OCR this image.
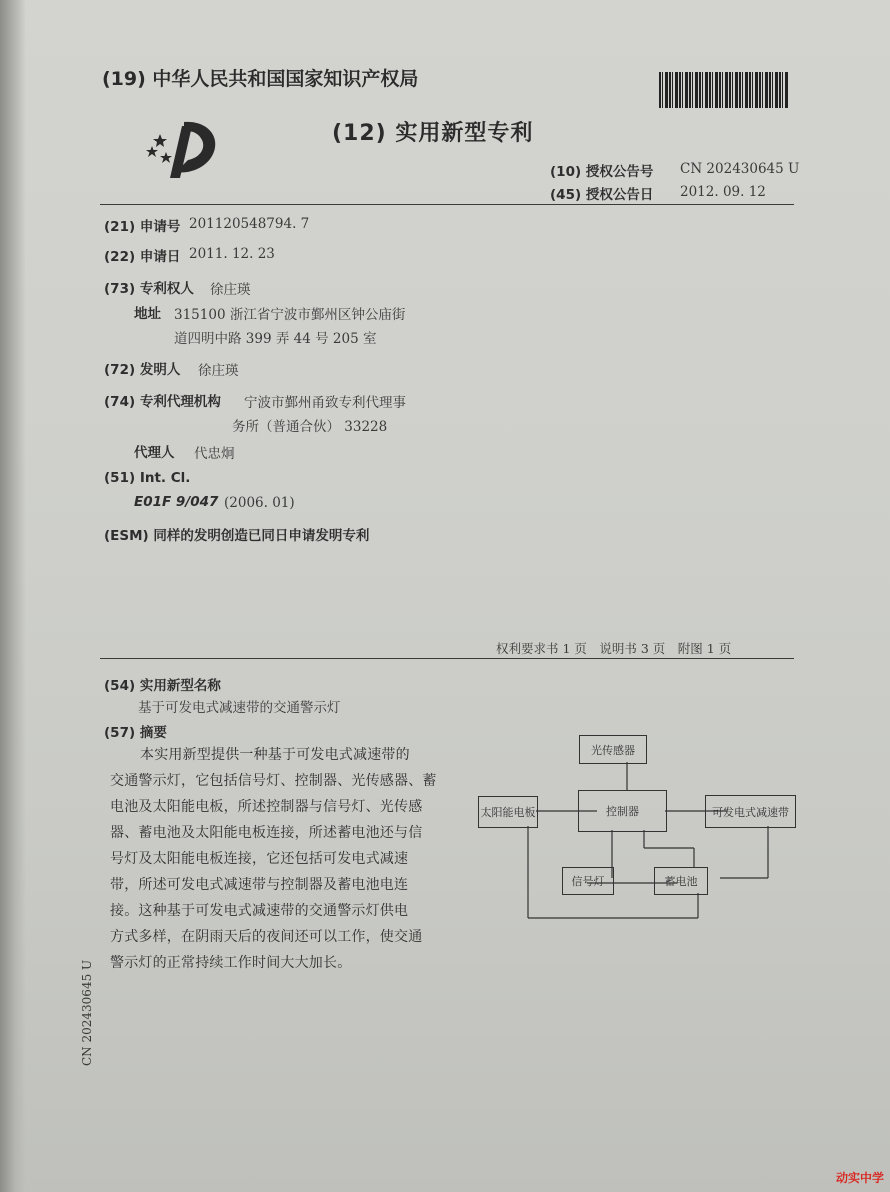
(19) 中华人民共和国国家知识产权局
(12) 实用新型专利
(10) 授权公告号 CN 202430645 U
(45) 授权公告日 2012. 09. 12
(21) 申请号 201120548794. 7
(22) 申请日 2011. 12. 23
(73) 专利权人 徐庄瑛
地址 315100 浙江省宁波市鄞州区钟公庙街
道四明中路 399 弄 44 号 205 室
(72) 发明人 徐庄瑛
(74) 专利代理机构 宁波市鄞州甬致专利代理事
务所（普通合伙） 33228
代理人 代忠炯
(51) Int. Cl.
E01F 9/047 (2006. 01)
(ESM) 同样的发明创造已同日申请发明专利
权利要求书 1 页　说明书 3 页　附图 1 页
(54) 实用新型名称
基于可发电式减速带的交通警示灯
(57) 摘要
本实用新型提供一种基于可发电式减速带的
交通警示灯，它包括信号灯、控制器、光传感器、蓄
电池及太阳能电板，所述控制器与信号灯、光传感
器、蓄电池及太阳能电板连接，所述蓄电池还与信
号灯及太阳能电板连接，它还包括可发电式减速
带，所述可发电式减速带与控制器及蓄电池电连
接。这种基于可发电式减速带的交通警示灯供电
方式多样，在阴雨天后的夜间还可以工作，使交通
警示灯的正常持续工作时间大大加长。
光传感器
太阳能电板	控制器	可发电式减速带
信号灯	蓄电池
CN 202430645 U
动实中学
